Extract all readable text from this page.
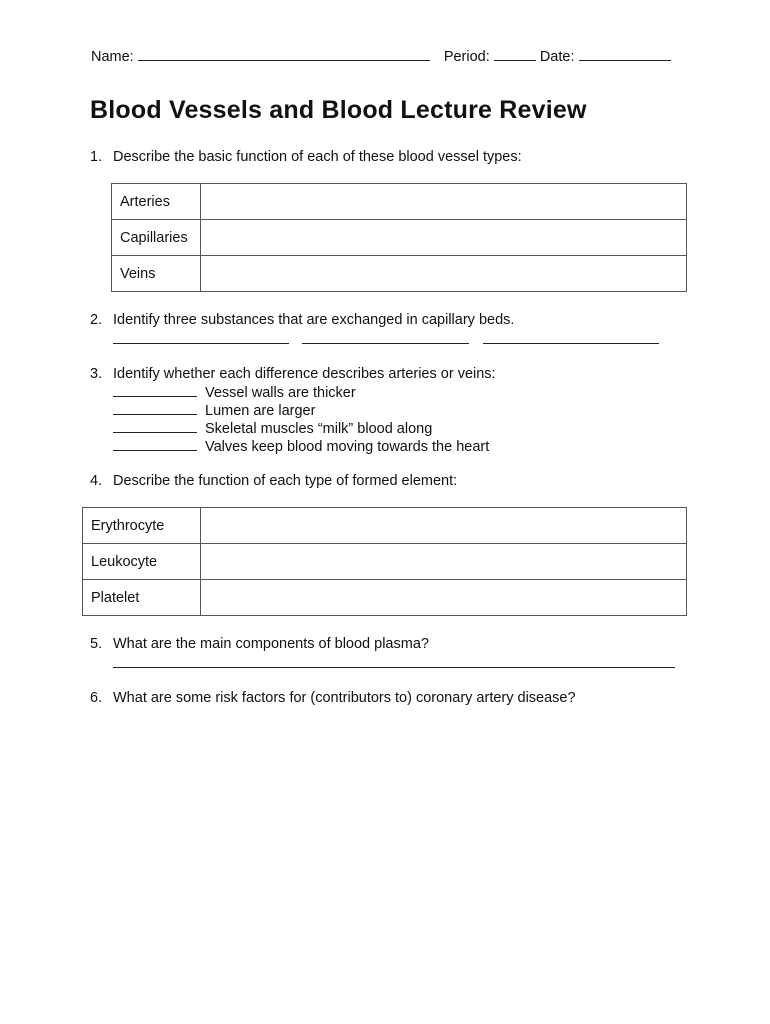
Name:	Period:	Date:
Blood Vessels and Blood Lecture Review
1. Describe the basic function of each of these blood vessel types:
Arteries	
Capillaries	
Veins	
2. Identify three substances that are exchanged in capillary beds.
3. Identify whether each difference describes arteries or veins:
Vessel walls are thicker
Lumen are larger
Skeletal muscles “milk” blood along
Valves keep blood moving towards the heart
4. Describe the function of each type of formed element:
Erythrocyte	
Leukocyte	
Platelet	
5. What are the main components of blood plasma?
6. What are some risk factors for (contributors to) coronary artery disease?
